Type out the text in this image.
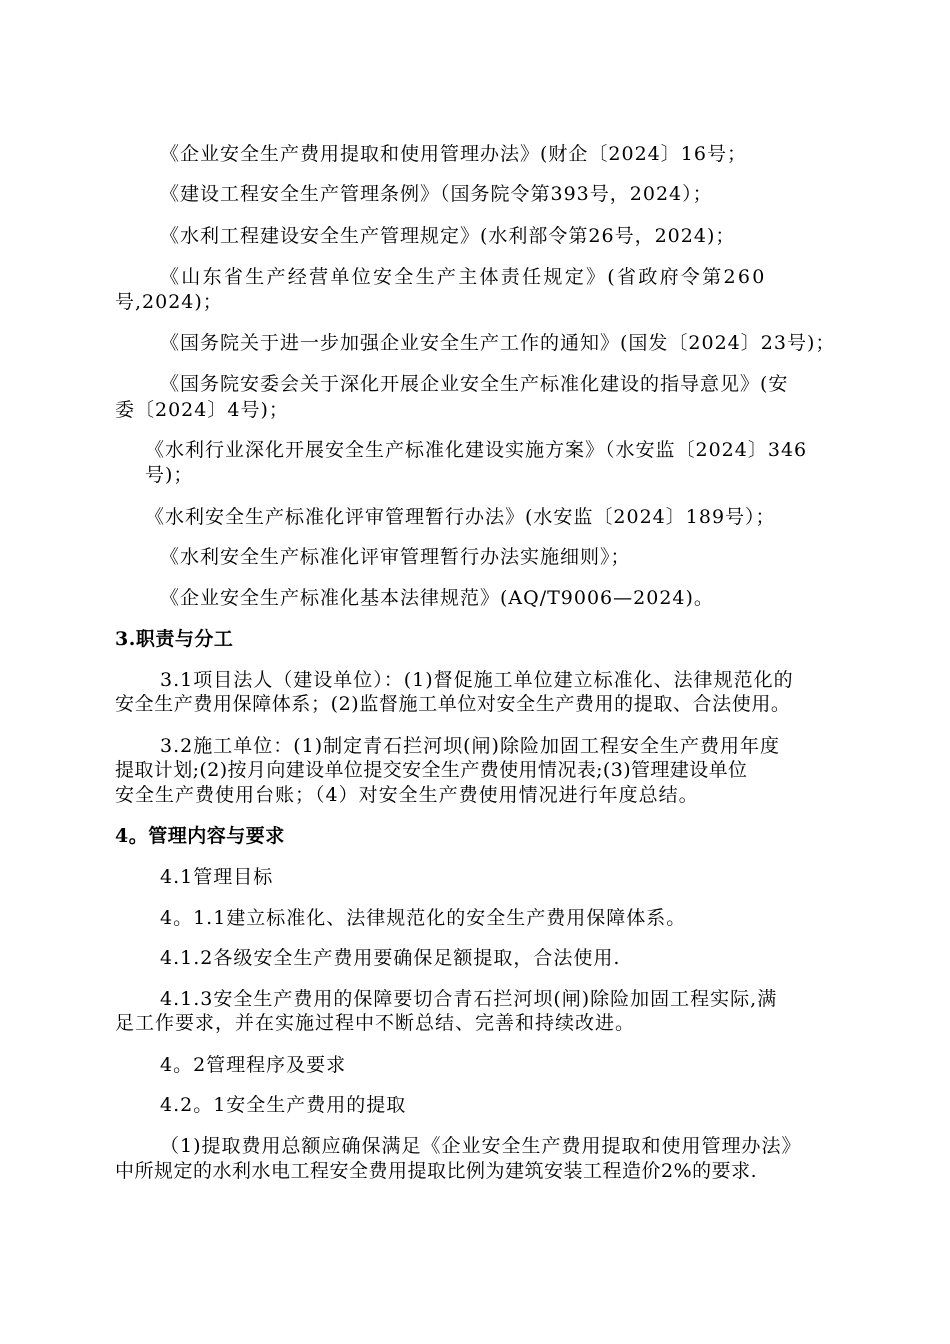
《企业安全生产费用提取和使用管理办法》(财企〔2024〕16号；
《建设工程安全生产管理条例》（国务院令第393号，2024）；
《水利工程建设安全生产管理规定》(水利部令第26号，2024)；
《山东省生产经营单位安全生产主体责任规定》(省政府令第260
号,2024)；
《国务院关于进一步加强企业安全生产工作的通知》(国发〔2024〕23号)；
《国务院安委会关于深化开展企业安全生产标准化建设的指导意见》(安
委〔2024〕4号)；
《水利行业深化开展安全生产标准化建设实施方案》（水安监〔2024〕346
号)；
《水利安全生产标准化评审管理暂行办法》(水安监〔2024〕189号）；
《水利安全生产标准化评审管理暂行办法实施细则》；
《企业安全生产标准化基本法律规范》(AQ/T9006—2024)。
3.职责与分工
3.1项目法人（建设单位）：(1)督促施工单位建立标准化、法律规范化的
安全生产费用保障体系；(2)监督施工单位对安全生产费用的提取、合法使用。
3.2施工单位：(1)制定青石拦河坝(闸)除险加固工程安全生产费用年度
提取计划;(2)按月向建设单位提交安全生产费使用情况表;(3)管理建设单位
安全生产费使用台账；（4）对安全生产费使用情况进行年度总结。
4。管理内容与要求
4.1管理目标
4。1.1建立标准化、法律规范化的安全生产费用保障体系。
4.1.2各级安全生产费用要确保足额提取，合法使用.
4.1.3安全生产费用的保障要切合青石拦河坝(闸)除险加固工程实际,满
足工作要求，并在实施过程中不断总结、完善和持续改进。
4。2管理程序及要求
4.2。1安全生产费用的提取
（1)提取费用总额应确保满足《企业安全生产费用提取和使用管理办法》
中所规定的水利水电工程安全费用提取比例为建筑安装工程造价2%的要求.
